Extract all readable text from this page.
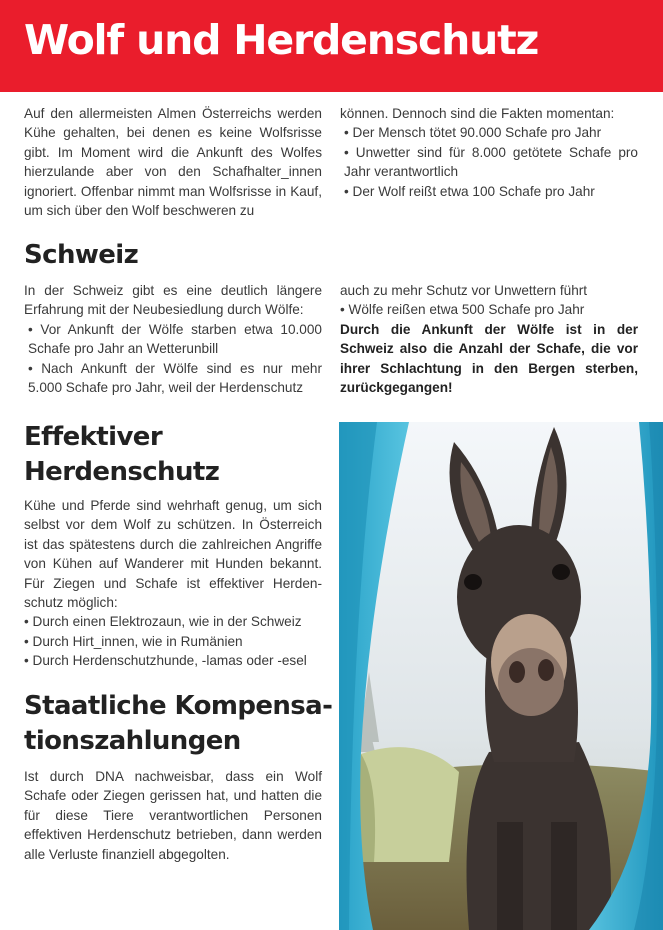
Wolf und Herdenschutz

Auf den allermeisten Almen Österreichs werden Kühe gehalten, bei denen es keine Wolfsrisse gibt. Im Moment wird die Ankunft des Wolfes hierzulande aber von den Schafhalter_innen ignoriert. Offenbar nimmt man Wolfsrisse in Kauf, um sich über den Wolf beschweren zu

können. Dennoch sind die Fakten momentan:

• Der Mensch tötet 90.000 Schafe pro Jahr

• Unwetter sind für 8.000 getötete Schafe pro Jahr verantwortlich

• Der Wolf reißt etwa 100 Schafe pro Jahr

Schweiz

In der Schweiz gibt es eine deutlich längere Erfahrung mit der Neubesiedlung durch Wölfe:

• Vor Ankunft der Wölfe starben etwa 10.000 Schafe pro Jahr an Wetterunbill

• Nach Ankunft der Wölfe sind es nur mehr 5.000 Schafe pro Jahr, weil der Herdenschutz

auch zu mehr Schutz vor Unwettern führt

• Wölfe reißen etwa 500 Schafe pro Jahr

Durch die Ankunft der Wölfe ist in der Schweiz also die Anzahl der Schafe, die vor ihrer Schlachtung in den Bergen sterben, zurückgegangen!

Effektiver
Herdenschutz

Kühe und Pferde sind wehrhaft genug, um sich selbst vor dem Wolf zu schützen. In Österreich ist das spätestens durch die zahlreichen Angriffe von Kühen auf Wanderer mit Hunden bekannt. Für Ziegen und Schafe ist effektiver Herdenschutz möglich:

• Durch einen Elektrozaun, wie in der Schweiz

• Durch Hirt_innen, wie in Rumänien

• Durch Herdenschutzhunde, -lamas oder -esel

Staatliche Kompensa-
tionszahlungen

Ist durch DNA nachweisbar, dass ein Wolf Schafe oder Ziegen gerissen hat, und hatten die für diese Tiere verantwortlichen Personen effektiven Herdenschutz betrieben, dann werden alle Verluste finanziell abgegolten.
